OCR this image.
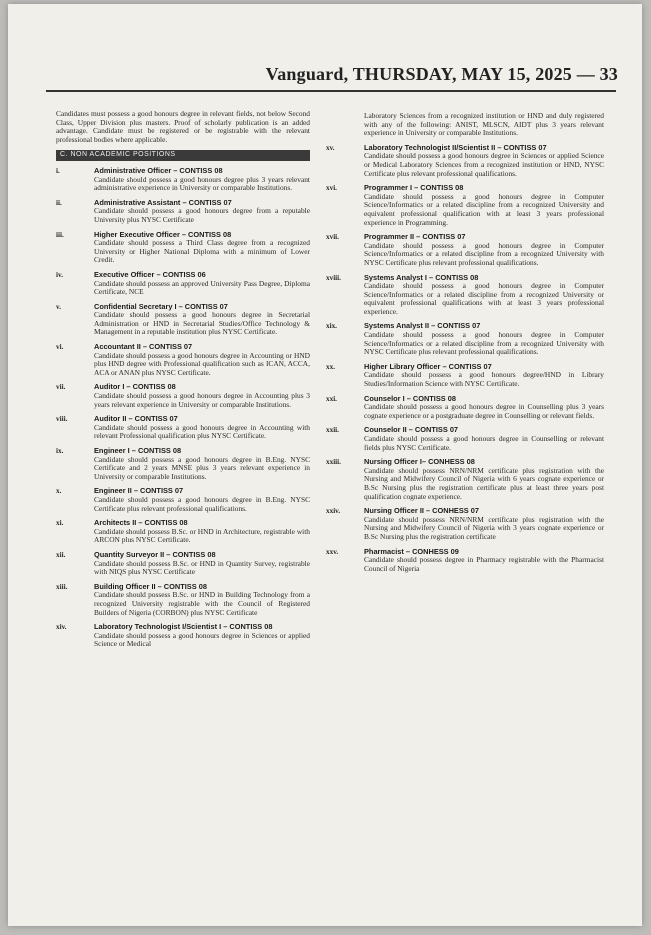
Vanguard, THURSDAY, MAY 15, 2025 — 33
Candidates must possess a good honours degree in relevant fields, not below Second Class, Upper Division plus masters. Proof of scholarly publication is an added advantage. Candidate must be registered or be registrable with the relevant professional bodies where applicable.
C. NON ACADEMIC POSITIONS
i.	Administrative Officer – CONTISS 08
Candidate should possess a good honours degree plus 3 years relevant administrative experience in University or comparable Institutions.
ii.	Administrative Assistant – CONTISS 07
Candidate should possess a good honours degree from a reputable University plus NYSC Certificate
iii.	Higher Executive Officer – CONTISS 08
Candidate should possess a Third Class degree from a recognized University or Higher National Diploma with a minimum of Lower Credit.
iv.	Executive Officer – CONTISS 06
Candidate should possess an approved University Pass Degree, Diploma Certificate, NCE
v.	Confidential Secretary I – CONTISS 07
Candidate should possess a good honours degree in Secretarial Administration or HND in Secretarial Studies/Office Technology & Management in a reputable institution plus NYSC Certificate.
vi.	Accountant II – CONTISS 07
Candidate should possess a good honours degree in Accounting or HND plus HND degree with Professional qualification such as ICAN, ACCA, ACA or ANAN plus NYSC Certificate.
vii.	Auditor I – CONTISS 08
Candidate should possess a good honours degree in Accounting plus 3 years relevant experience in University or comparable Institutions.
viii.	Auditor II – CONTISS 07
Candidate should possess a good honours degree in Accounting with relevant Professional qualification plus NYSC Certificate.
ix.	Engineer I – CONTISS 08
Candidate should possess a good honours degree in B.Eng. NYSC Certificate and 2 years MNSE plus 3 years relevant experience in University or comparable Institutions.
x.	Engineer II – CONTISS 07
Candidate should possess a good honours degree in B.Eng. NYSC Certificate plus relevant professional qualifications.
xi.	Architects II – CONTISS 08
Candidate should possess B.Sc. or HND in Architecture, registrable with ARCON plus NYSC Certificate.
xii.	Quantity Surveyor II – CONTISS 08
Candidate should possess B.Sc. or HND in Quantity Survey, registrable with NIQS plus NYSC Certificate
xiii.	Building Officer II – CONTISS 08
Candidate should possess B.Sc. or HND in Building Technology from a recognized University registrable with the Council of Registered Builders of Nigeria (CORBON) plus NYSC Certificate
xiv.	Laboratory Technologist I/Scientist I – CONTISS 08
Candidate should possess a good honours degree in Sciences or applied Science or Medical
Laboratory Sciences from a recognized institution or HND and duly registered with any of the following: ANIST, MLSCN, AIDT plus 3 years relevant experience in University or comparable Institutions.
xv.	Laboratory Technologist II/Scientist II – CONTISS 07
Candidate should possess a good honours degree in Sciences or applied Science or Medical Laboratory Sciences from a recognized institution or HND, NYSC Certificate plus relevant professional qualifications.
xvi.	Programmer I – CONTISS 08
Candidate should possess a good honours degree in Computer Science/Informatics or a related discipline from a recognized University and equivalent professional qualification with at least 3 years professional experience in Programming.
xvii.	Programmer II – CONTISS 07
Candidate should possess a good honours degree in Computer Science/Informatics or a related discipline from a recognized University with NYSC Certificate plus relevant professional qualifications.
xviii.	Systems Analyst I – CONTISS 08
Candidate should possess a good honours degree in Computer Science/Informatics or a related discipline from a recognized University or equivalent professional qualifications with at least 3 years professional experience.
xix.	Systems Analyst II – CONTISS 07
Candidate should possess a good honours degree in Computer Science/Informatics or a related discipline from a recognized University with NYSC Certificate plus relevant professional qualifications.
xx.	Higher Library Officer – CONTISS 07
Candidate should possess a good honours degree/HND in Library Studies/Information Science with NYSC Certificate.
xxi.	Counselor I – CONTISS 08
Candidate should possess a good honours degree in Counselling plus 3 years cognate experience or a postgraduate degree in Counselling or relevant fields.
xxii.	Counselor II – CONTISS 07
Candidate should possess a good honours degree in Counselling or relevant fields plus NYSC Certificate.
xxiii.	Nursing Officer I– CONHESS 08
Candidate should possess NRN/NRM certificate plus registration with the Nursing and Midwifery Council of Nigeria with 6 years cognate experience or B.Sc Nursing plus the registration certificate plus at least three years post qualification cognate experience.
xxiv.	Nursing Officer II – CONHESS 07
Candidate should possess NRN/NRM certificate plus registration with the Nursing and Midwifery Council of Nigeria with 3 years cognate experience or B.Sc Nursing plus the registration certificate
xxv.	Pharmacist – CONHESS 09
Candidate should possess degree in Pharmacy registrable with the Pharmacist Council of Nigeria
